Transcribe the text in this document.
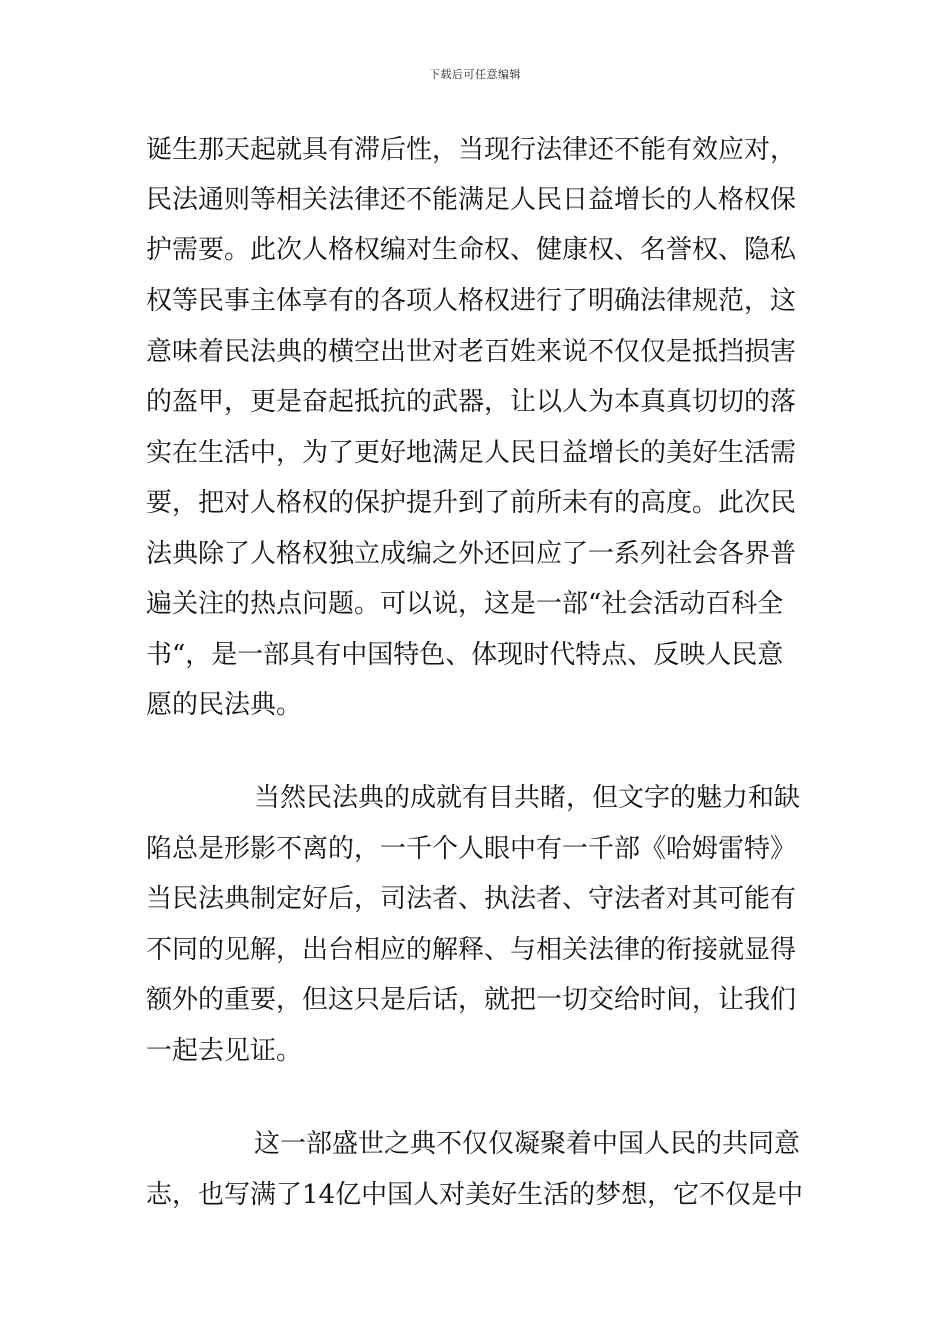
下载后可任意编辑
诞生那天起就具有滞后性，当现行法律还不能有效应对，
民法通则等相关法律还不能满足人民日益增长的人格权保
护需要。此次人格权编对生命权、健康权、名誉权、隐私
权等民事主体享有的各项人格权进行了明确法律规范，这
意味着民法典的横空出世对老百姓来说不仅仅是抵挡损害
的盔甲，更是奋起抵抗的武器，让以人为本真真切切的落
实在生活中，为了更好地满足人民日益增长的美好生活需
要，把对人格权的保护提升到了前所未有的高度。此次民
法典除了人格权独立成编之外还回应了一系列社会各界普
遍关注的热点问题。可以说，这是一部“社会活动百科全
书“，是一部具有中国特色、体现时代特点、反映人民意
愿的民法典。
当然民法典的成就有目共睹，但文字的魅力和缺
陷总是形影不离的，一千个人眼中有一千部《哈姆雷特》
当民法典制定好后，司法者、执法者、守法者对其可能有
不同的见解，出台相应的解释、与相关法律的衔接就显得
额外的重要，但这只是后话，就把一切交给时间，让我们
一起去见证。
这一部盛世之典不仅仅凝聚着中国人民的共同意
志，也写满了14亿中国人对美好生活的梦想，它不仅是中
